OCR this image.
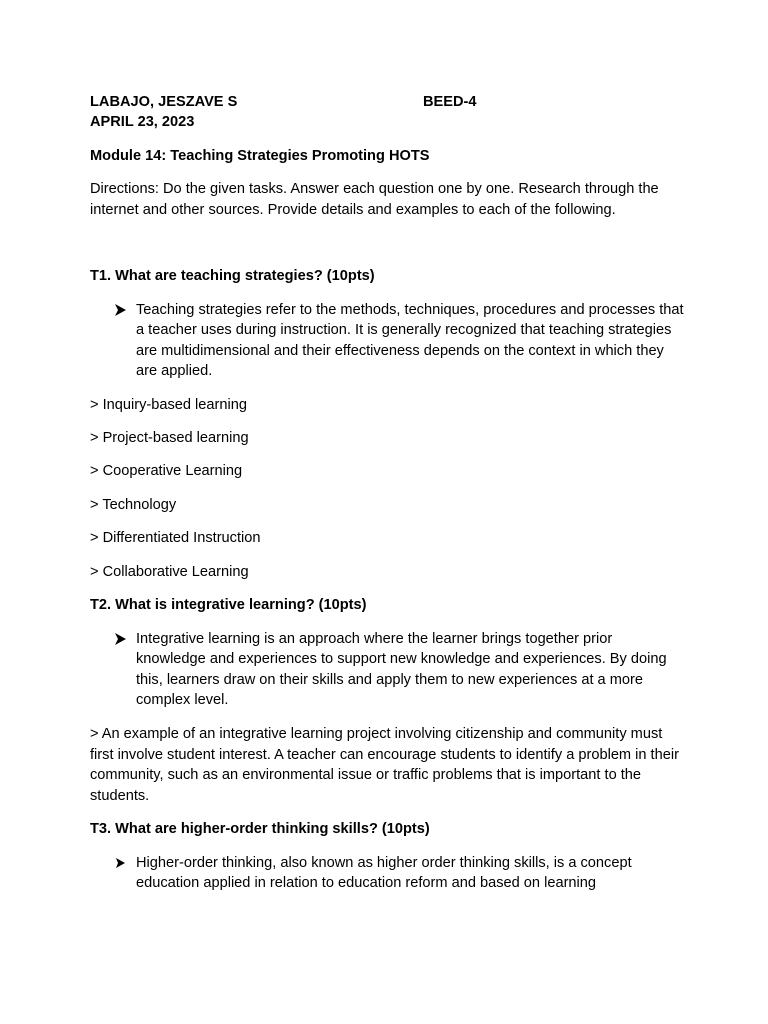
LABAJO, JESZAVE S	BEED-4
APRIL 23, 2023
Module 14: Teaching Strategies Promoting HOTS
Directions: Do the given tasks. Answer each question one by one. Research through the internet and other sources. Provide details and examples to each of the following.
T1. What are teaching strategies? (10pts)
Teaching strategies refer to the methods, techniques, procedures and processes that a teacher uses during instruction. It is generally recognized that teaching strategies are multidimensional and their effectiveness depends on the context in which they are applied.
> Inquiry-based learning
> Project-based learning
> Cooperative Learning
> Technology
> Differentiated Instruction
> Collaborative Learning
T2. What is integrative learning? (10pts)
Integrative learning is an approach where the learner brings together prior knowledge and experiences to support new knowledge and experiences. By doing this, learners draw on their skills and apply them to new experiences at a more complex level.
> An example of an integrative learning project involving citizenship and community must first involve student interest. A teacher can encourage students to identify a problem in their community, such as an environmental issue or traffic problems that is important to the students.
T3. What are higher-order thinking skills? (10pts)
Higher-order thinking, also known as higher order thinking skills, is a concept education applied in relation to education reform and based on learning
